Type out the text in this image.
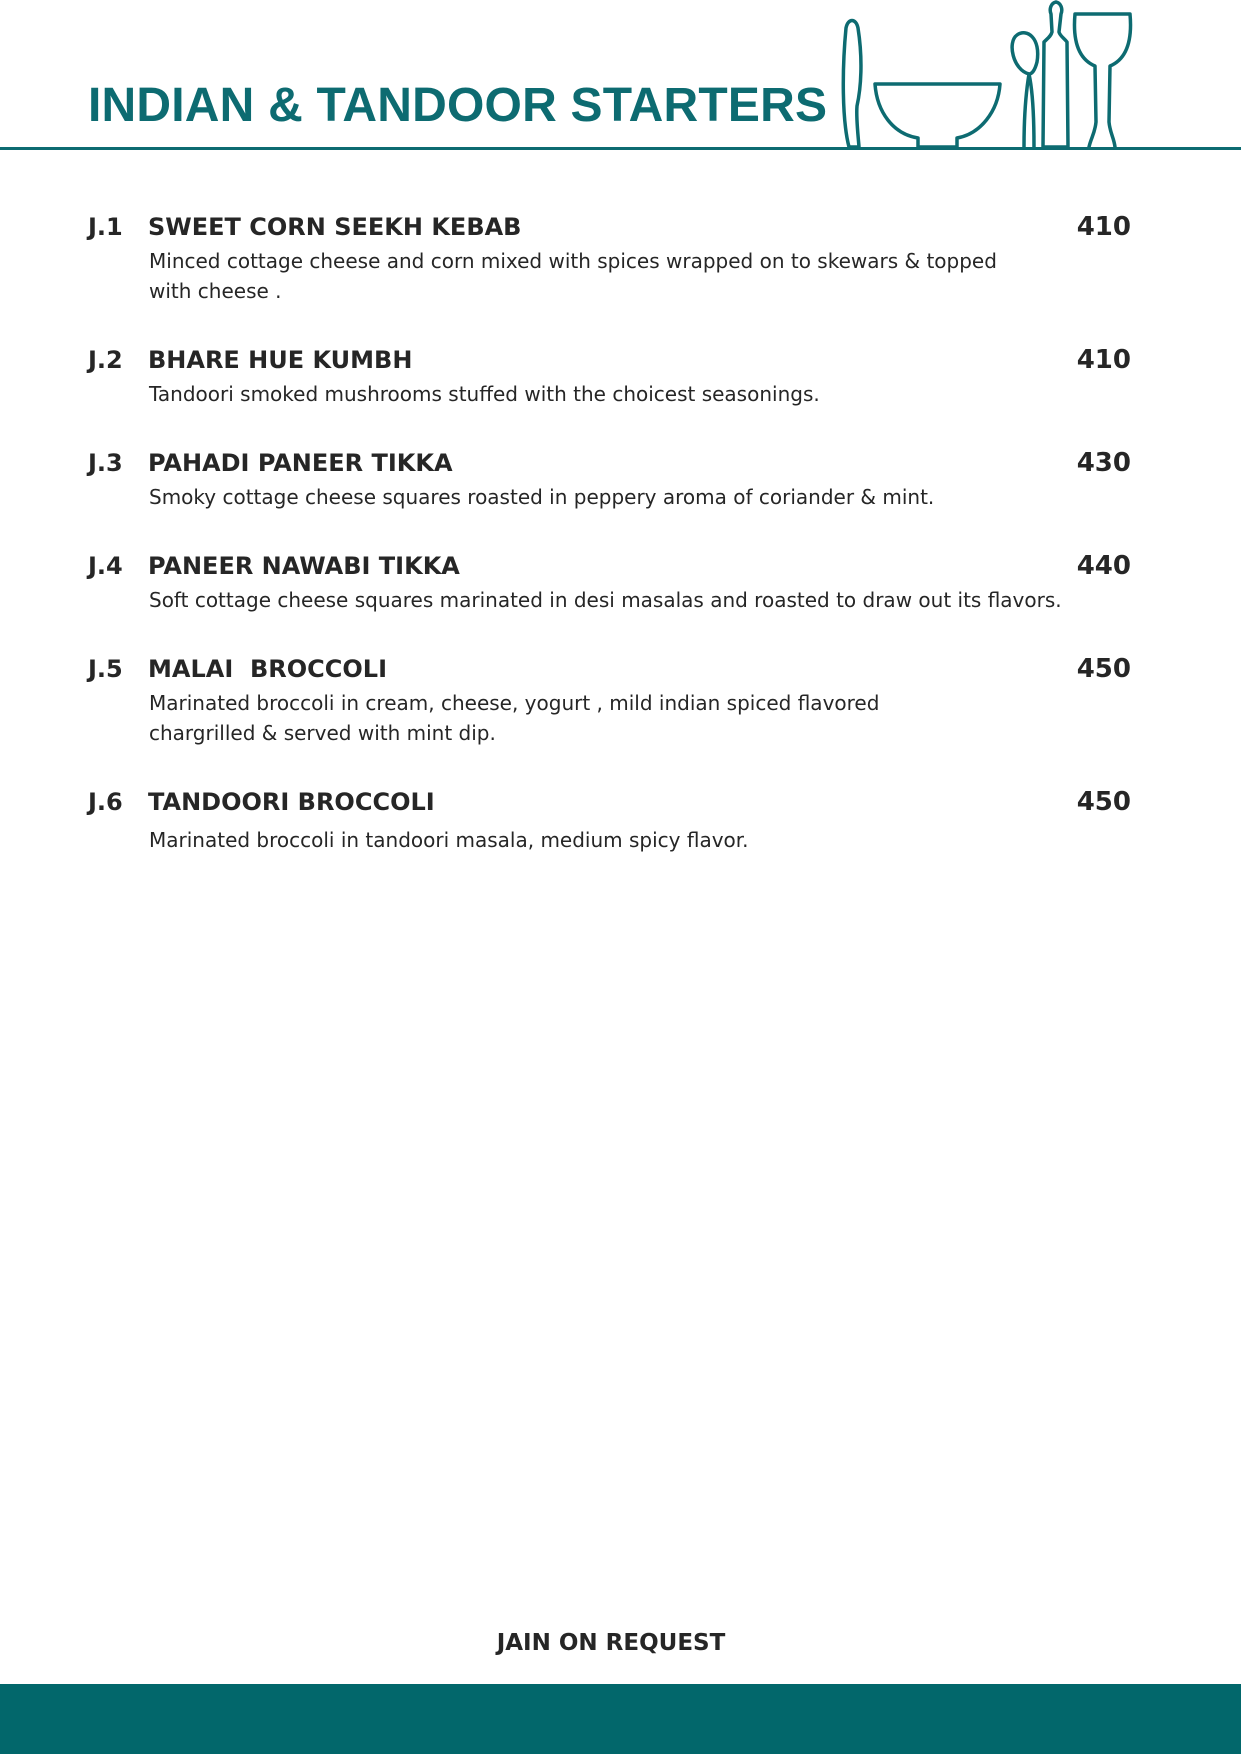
INDIAN & TANDOOR STARTERS
J.1 SWEET CORN SEEKH KEBAB	410

Minced cottage cheese and corn mixed with spices wrapped on to skewars & topped
with cheese .

J.2 BHARE HUE KUMBH	410

Tandoori smoked mushrooms stuffed with the choicest seasonings.

J.3 PAHADI PANEER TIKKA	430

Smoky cottage cheese squares roasted in peppery aroma of coriander & mint.

J.4 PANEER NAWABI TIKKA	440

Soft cottage cheese squares marinated in desi masalas and roasted to draw out its flavors.

J.5 MALAI  BROCCOLI	450

Marinated broccoli in cream, cheese, yogurt , mild indian spiced flavored
chargrilled & served with mint dip.

J.6 TANDOORI BROCCOLI	450

Marinated broccoli in tandoori masala, medium spicy flavor.

JAIN ON REQUEST
